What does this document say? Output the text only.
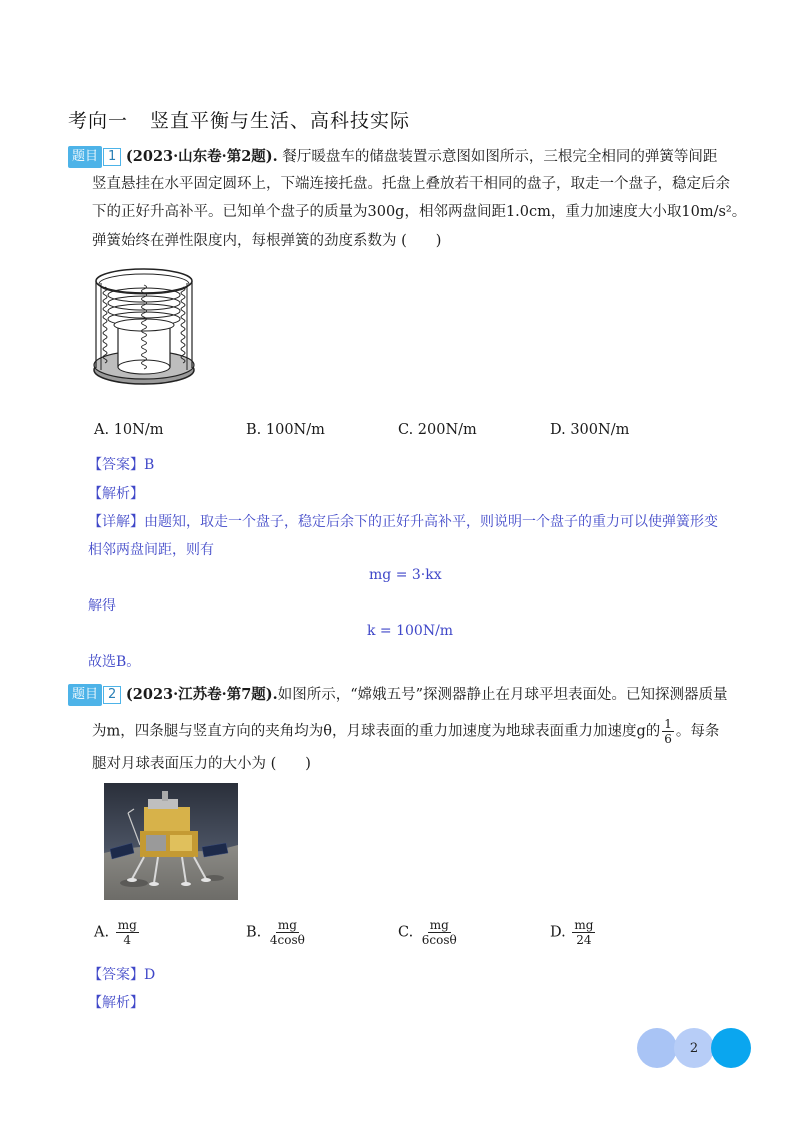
考向一 竖直平衡与生活、高科技实际
题目 1 (2023·山东卷·第2题). 餐厅暖盘车的储盘装置示意图如图所示，三根完全相同的弹簧等间距
竖直悬挂在水平固定圆环上，下端连接托盘。托盘上叠放若干相同的盘子，取走一个盘子，稳定后余
下的正好升高补平。已知单个盘子的质量为300g，相邻两盘间距1.0cm，重力加速度大小取10m/s²。
弹簧始终在弹性限度内，每根弹簧的劲度系数为 (　　)
A. 10N/m	B. 100N/m	C. 200N/m	D. 300N/m
【答案】B
【解析】
【详解】由题知，取走一个盘子，稳定后余下的正好升高补平，则说明一个盘子的重力可以使弹簧形变
相邻两盘间距，则有
mg = 3·kx
解得
k = 100N/m
故选B。
题目 2 (2023·江苏卷·第7题).如图所示，“嫦娥五号”探测器静止在月球平坦表面处。已知探测器质量
为m，四条腿与竖直方向的夹角均为θ，月球表面的重力加速度为地球表面重力加速度g的 $\frac{1}{6}$ 。每条
腿对月球表面压力的大小为 (　　)
A. $\frac{mg}{4}$	B. $\frac{mg}{4\cos\theta}$	C. $\frac{mg}{6\cos\theta}$	D. $\frac{mg}{24}$
【答案】D
【解析】
2
